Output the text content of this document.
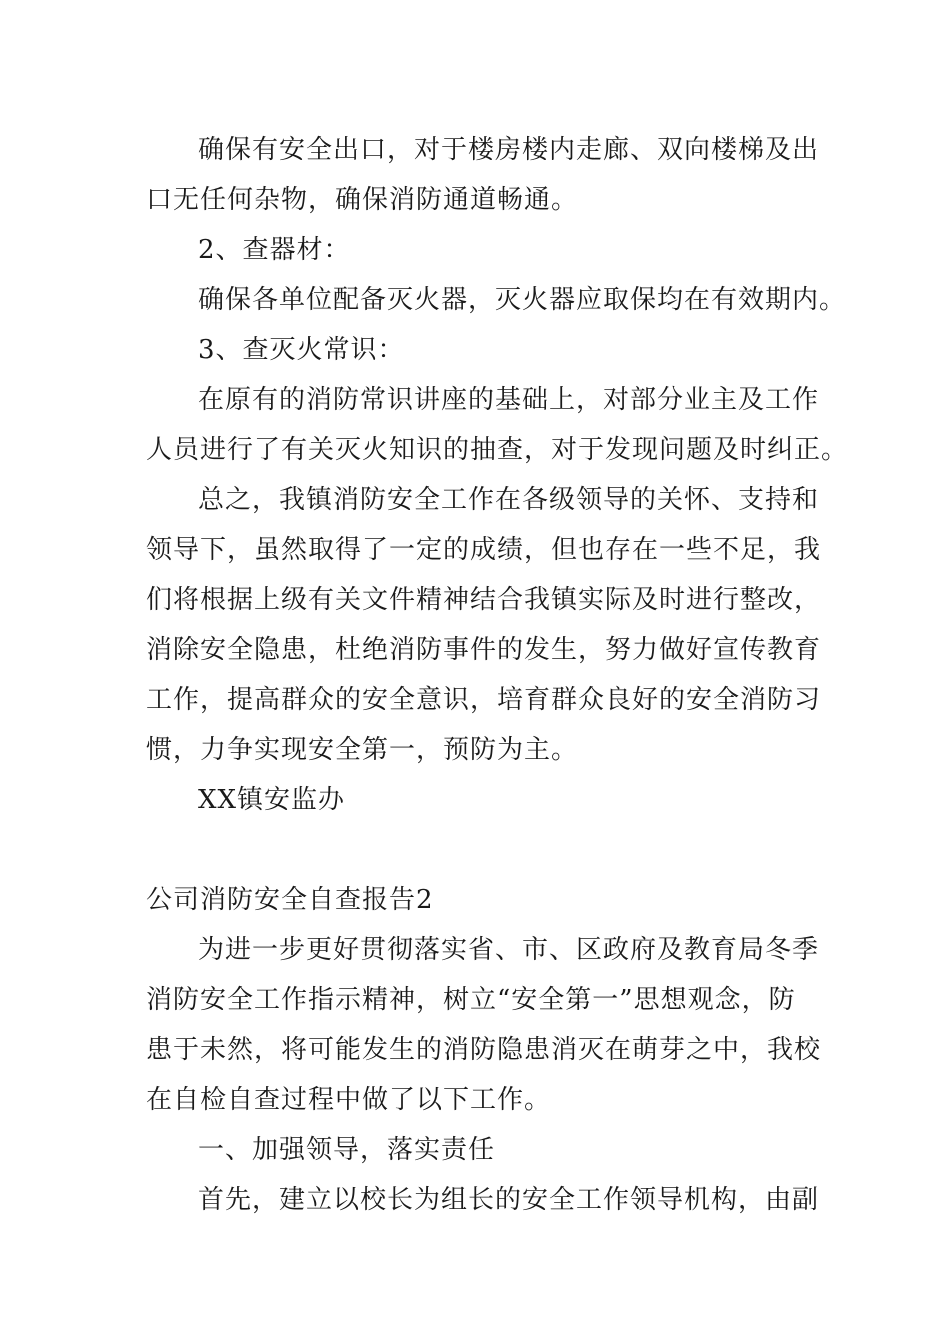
确保有安全出口，对于楼房楼内走廊、双向楼梯及出
口无任何杂物，确保消防通道畅通。
2、查器材：
确保各单位配备灭火器，灭火器应取保均在有效期内。
3、查灭火常识：
在原有的消防常识讲座的基础上，对部分业主及工作
人员进行了有关灭火知识的抽查，对于发现问题及时纠正。
总之，我镇消防安全工作在各级领导的关怀、支持和
领导下，虽然取得了一定的成绩，但也存在一些不足，我
们将根据上级有关文件精神结合我镇实际及时进行整改，
消除安全隐患，杜绝消防事件的发生，努力做好宣传教育
工作，提高群众的安全意识，培育群众良好的安全消防习
惯，力争实现安全第一，预防为主。
XX镇安监办
公司消防安全自查报告2
为进一步更好贯彻落实省、市、区政府及教育局冬季
消防安全工作指示精神，树立“安全第一”思想观念，防
患于未然，将可能发生的消防隐患消灭在萌芽之中，我校
在自检自查过程中做了以下工作。
一、加强领导，落实责任
首先，建立以校长为组长的安全工作领导机构，由副
